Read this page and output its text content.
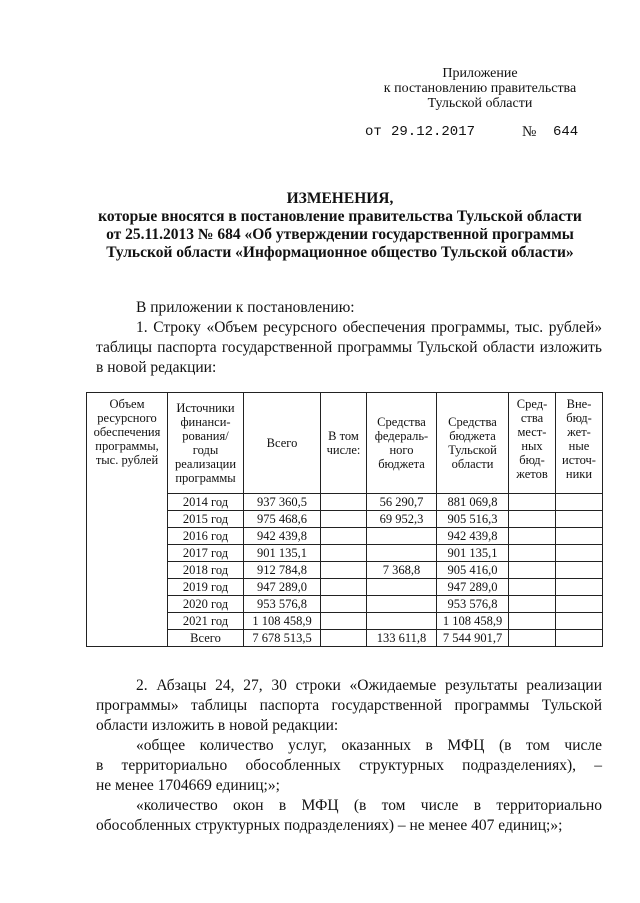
Приложение
к постановлению правительства
Тульской области
от 29.12.2017	№ 644
ИЗМЕНЕНИЯ,
которые вносятся в постановление правительства Тульской области
от 25.11.2013 № 684 «Об утверждении государственной программы
Тульской области «Информационное общество Тульской области»
В приложении к постановлению:
1. Строку «Объем ресурсного обеспечения программы, тыс. рублей» таблицы паспорта государственной программы Тульской области изложить в новой редакции:
Объем ресурсного обеспечения программы, тыс. рублей	Источники финанси-рования/ годы реализации программы	Всего	В том числе:	Средства федераль-ного бюджета	Средства бюджета Тульской области	Сред-ства мест-ных бюд-жетов	Вне-бюд-жет-ные источ-ники
	2014 год	937 360,5		56 290,7	881 069,8		
	2015 год	975 468,6		69 952,3	905 516,3		
	2016 год	942 439,8			942 439,8		
	2017 год	901 135,1			901 135,1		
	2018 год	912 784,8		7 368,8	905 416,0		
	2019 год	947 289,0			947 289,0		
	2020 год	953 576,8			953 576,8		
	2021 год	1 108 458,9			1 108 458,9		
	Всего	7 678 513,5		133 611,8	7 544 901,7		
2. Абзацы 24, 27, 30 строки «Ожидаемые результаты реализации программы» таблицы паспорта государственной программы Тульской области изложить в новой редакции:
«общее количество услуг, оказанных в МФЦ (в том числе
в территориально обособленных структурных подразделениях), –
не менее 1704669 единиц;»;
«количество окон в МФЦ (в том числе в территориально обособленных структурных подразделениях) – не менее 407 единиц;»;
